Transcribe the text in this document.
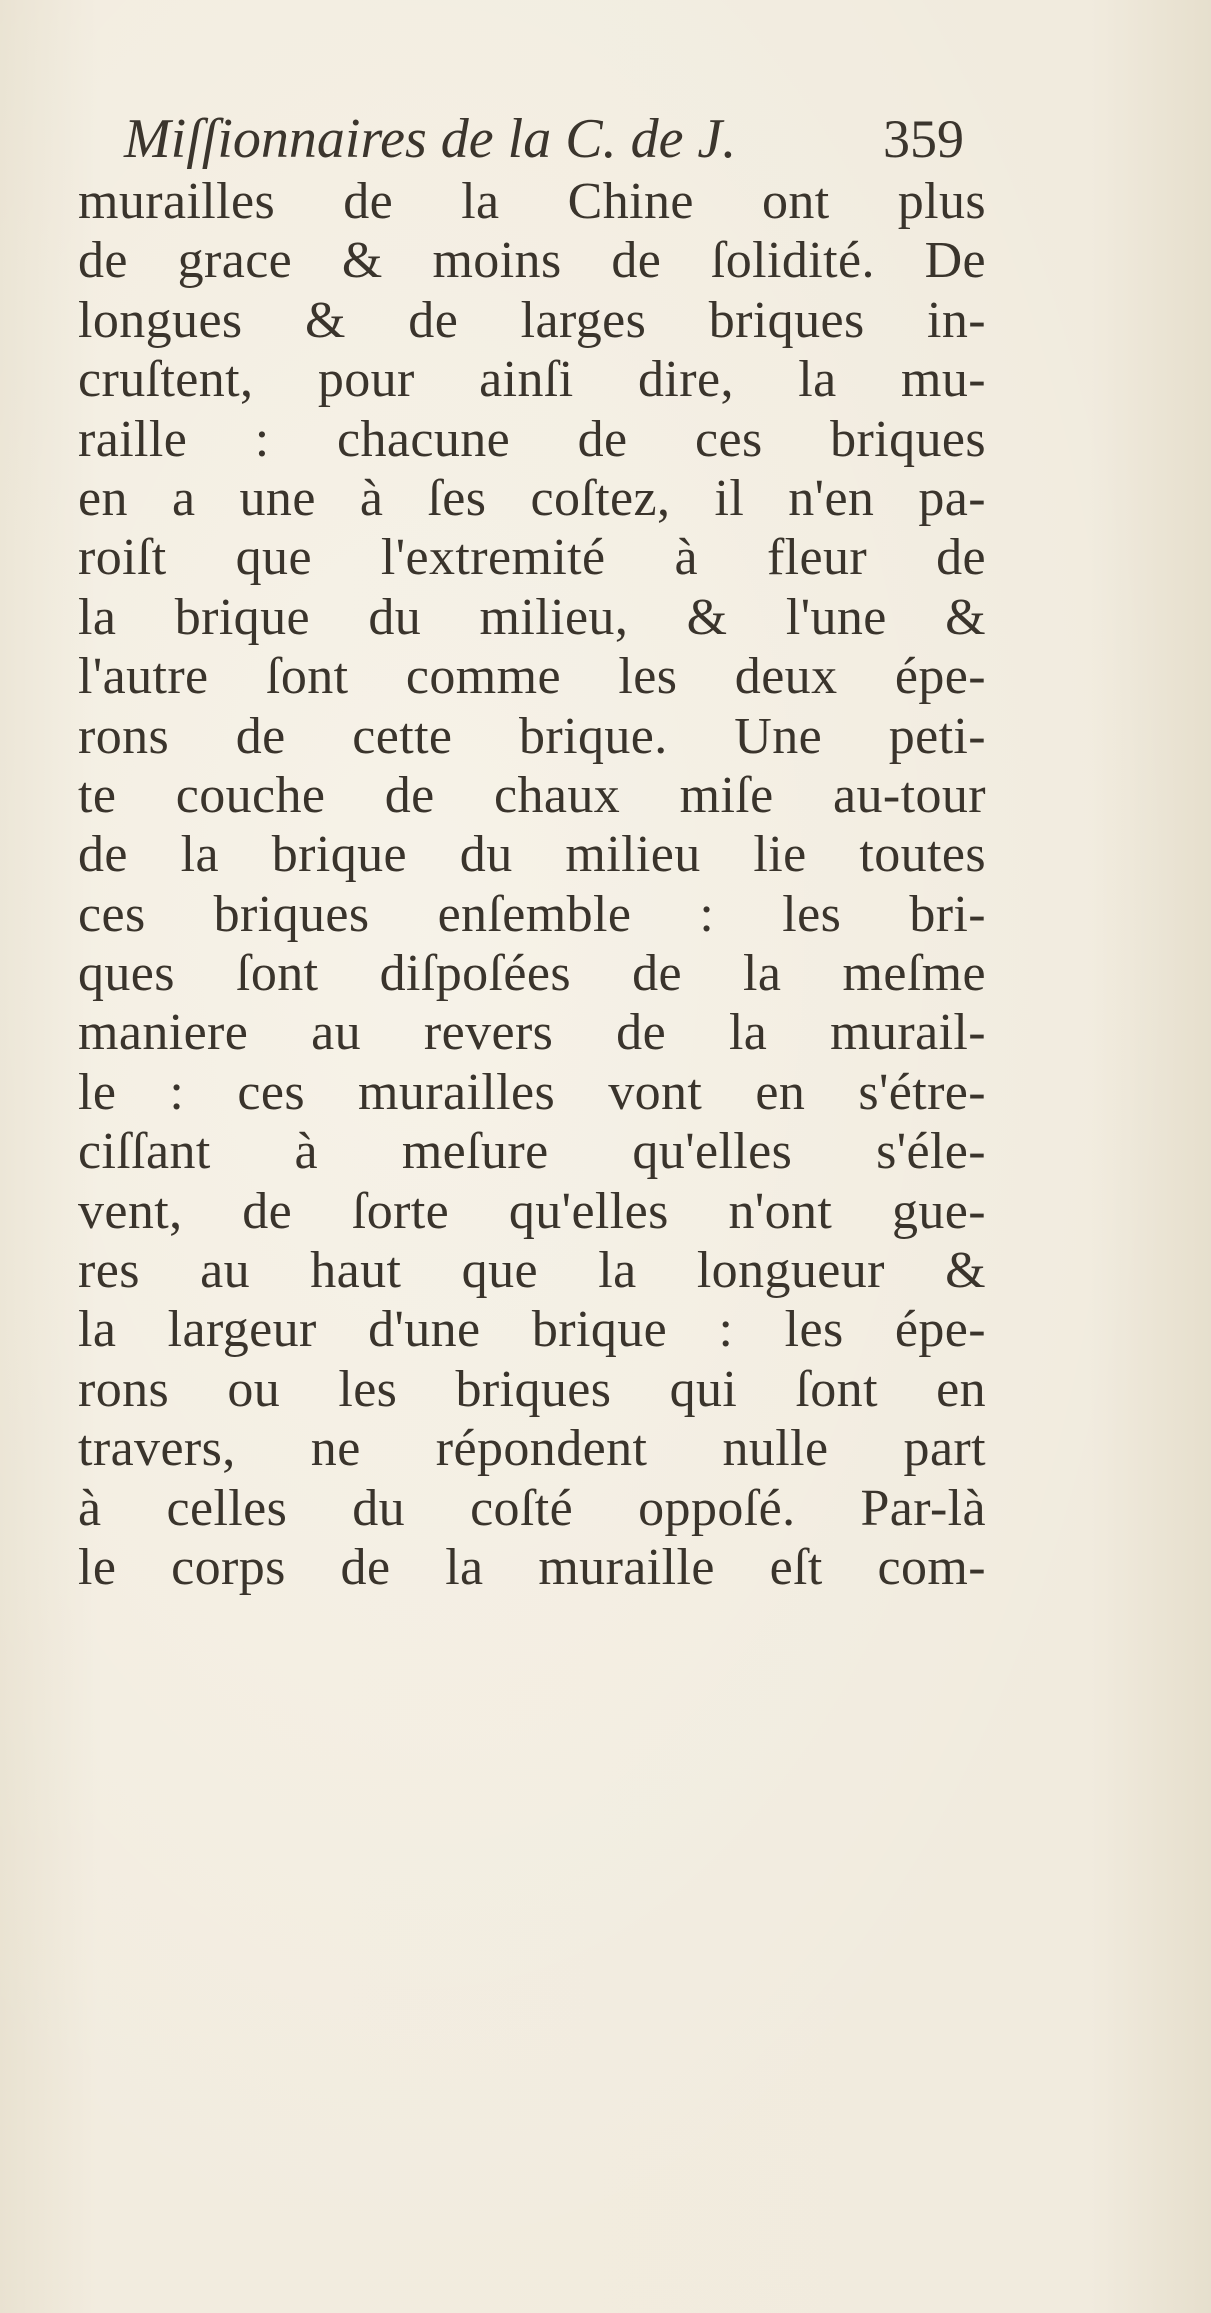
Miſſionnaires de la C. de J.	359
murailles de la Chine ont plus
de grace & moins de ſolidité. De
longues & de larges briques in-
cruſtent, pour ainſi dire, la mu-
raille : chacune de ces briques
en a une à ſes coſtez, il n'en pa-
roiſt que l'extremité à fleur de
la brique du milieu, & l'une &
l'autre ſont comme les deux épe-
rons de cette brique. Une peti-
te couche de chaux miſe au-tour
de la brique du milieu lie toutes
ces briques enſemble : les bri-
ques ſont diſpoſées de la meſme
maniere au revers de la murail-
le : ces murailles vont en s'étre-
ciſſant à meſure qu'elles s'éle-
vent, de ſorte qu'elles n'ont gue-
res au haut que la longueur &
la largeur d'une brique : les épe-
rons ou les briques qui ſont en
travers, ne répondent nulle part
à celles du coſté oppoſé. Par-là
le corps de la muraille eſt com-
